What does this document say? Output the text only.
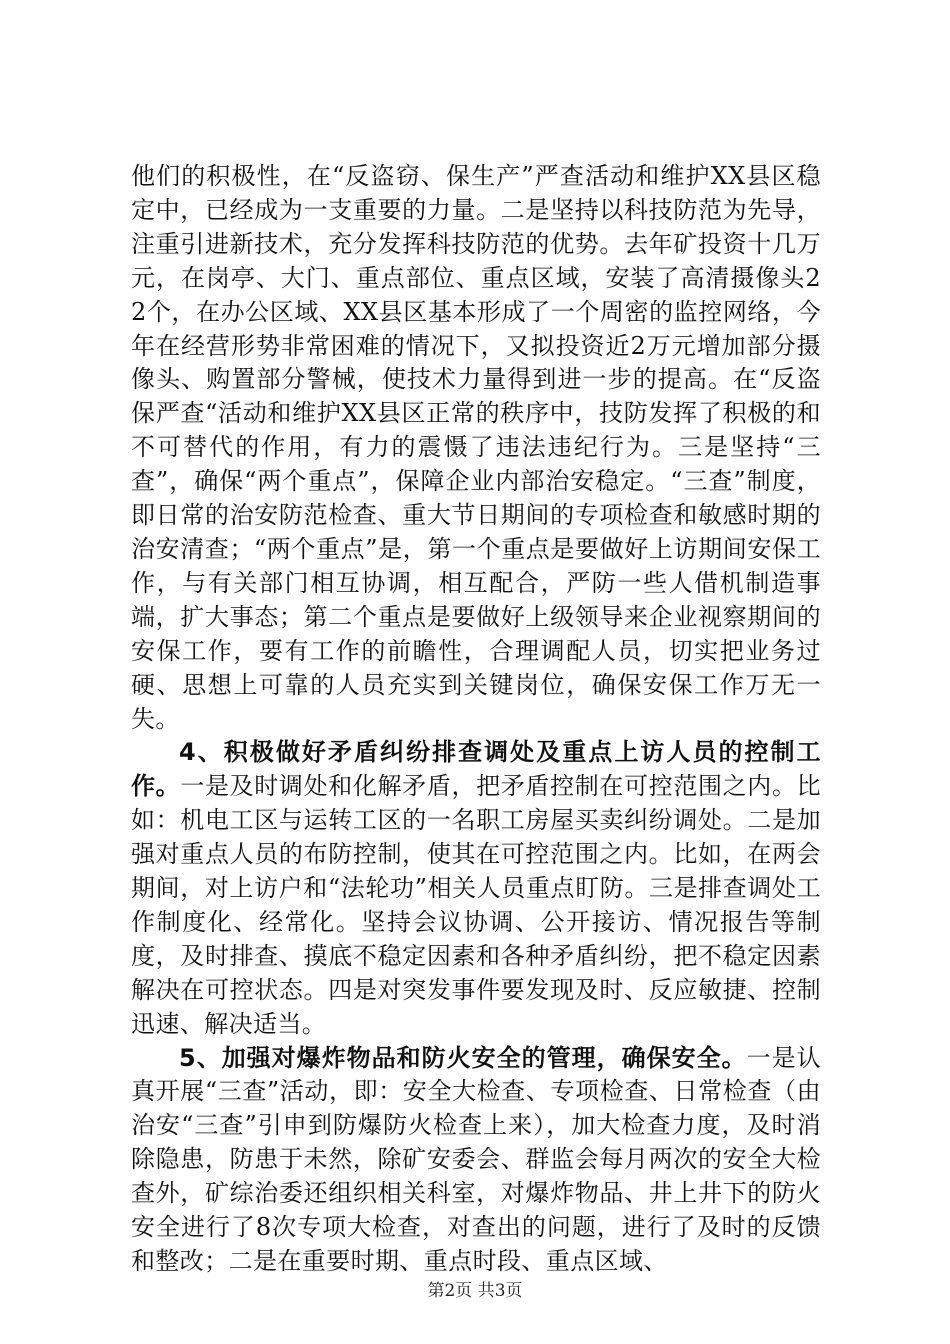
他们的积极性，在“反盗窃、保生产”严查活动和维护XX县区稳定中，已经成为一支重要的力量。二是坚持以科技防范为先导，注重引进新技术，充分发挥科技防范的优势。去年矿投资十几万元，在岗亭、大门、重点部位、重点区域，安装了高清摄像头22个，在办公区域、XX县区基本形成了一个周密的监控网络，今年在经营形势非常困难的情况下，又拟投资近2万元增加部分摄像头、购置部分警械，使技术力量得到进一步的提高。在“反盗保严查“活动和维护XX县区正常的秩序中，技防发挥了积极的和不可替代的作用，有力的震慑了违法违纪行为。三是坚持“三查”，确保“两个重点”，保障企业内部治安稳定。“三查”制度，即日常的治安防范检查、重大节日期间的专项检查和敏感时期的治安清查；“两个重点”是，第一个重点是要做好上访期间安保工作，与有关部门相互协调，相互配合，严防一些人借机制造事端，扩大事态；第二个重点是要做好上级领导来企业视察期间的安保工作，要有工作的前瞻性，合理调配人员，切实把业务过硬、思想上可靠的人员充实到关键岗位，确保安保工作万无一失。

4、积极做好矛盾纠纷排查调处及重点上访人员的控制工作。一是及时调处和化解矛盾，把矛盾控制在可控范围之内。比如：机电工区与运转工区的一名职工房屋买卖纠纷调处。二是加强对重点人员的布防控制，使其在可控范围之内。比如，在两会期间，对上访户和“法轮功”相关人员重点盯防。三是排查调处工作制度化、经常化。坚持会议协调、公开接访、情况报告等制度，及时排查、摸底不稳定因素和各种矛盾纠纷，把不稳定因素解决在可控状态。四是对突发事件要发现及时、反应敏捷、控制迅速、解决适当。

5、加强对爆炸物品和防火安全的管理，确保安全。一是认真开展“三查”活动，即：安全大检查、专项检查、日常检查（由治安“三查”引申到防爆防火检查上来），加大检查力度，及时消除隐患，防患于未然，除矿安委会、群监会每月两次的安全大检查外，矿综治委还组织相关科室，对爆炸物品、井上井下的防火安全进行了8次专项大检查，对查出的问题，进行了及时的反馈和整改；二是在重要时期、重点时段、重点区域、

第2页 共3页
